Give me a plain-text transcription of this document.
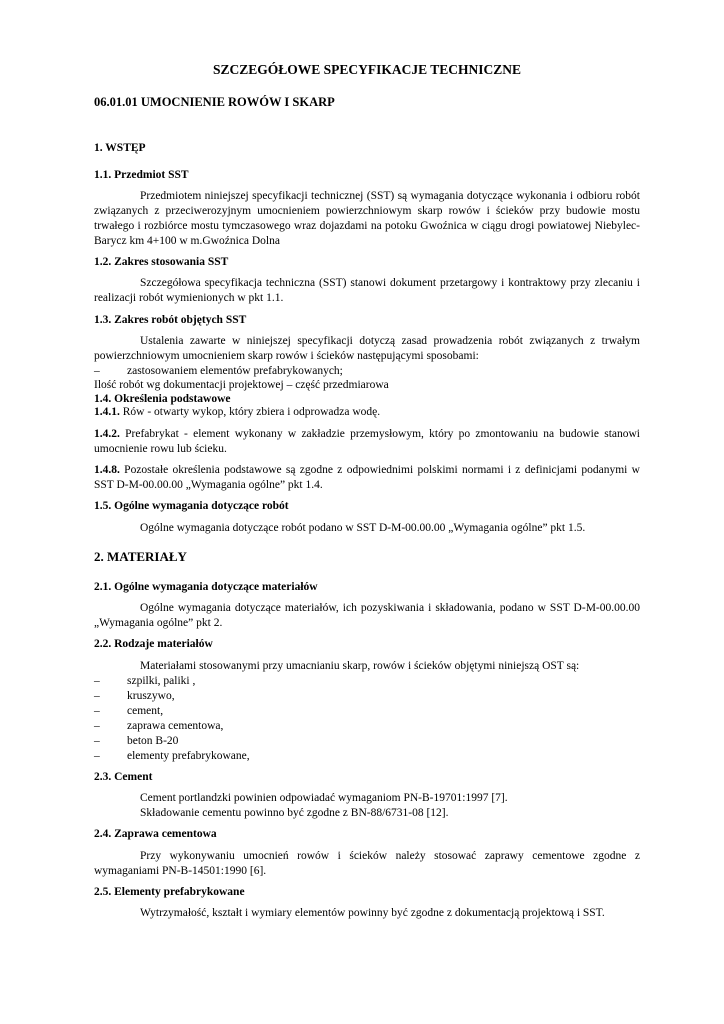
SZCZEGÓŁOWE SPECYFIKACJE TECHNICZNE
06.01.01 UMOCNIENIE ROWÓW I SKARP
1. WSTĘP
1.1. Przedmiot SST
Przedmiotem niniejszej specyfikacji technicznej (SST) są wymagania dotyczące wykonania i odbioru robót związanych z przeciwerozyjnym umocnieniem powierzchniowym skarp rowów i ścieków przy budowie mostu trwałego i rozbiórce mostu tymczasowego wraz dojazdami na potoku Gwoźnica w ciągu drogi powiatowej Niebylec-Barycz km 4+100 w m.Gwoźnica Dolna
1.2. Zakres stosowania SST
Szczegółowa specyfikacja techniczna (SST) stanowi dokument przetargowy i kontraktowy przy zlecaniu i realizacji robót wymienionych w pkt 1.1.
1.3. Zakres robót objętych SST
Ustalenia zawarte w niniejszej specyfikacji dotyczą zasad prowadzenia robót związanych z trwałym powierzchniowym umocnieniem skarp rowów i ścieków następującymi sposobami:
– zastosowaniem elementów prefabrykowanych;
Ilość robót wg dokumentacji projektowej – część przedmiarowa
1.4. Określenia podstawowe
1.4.1. Rów - otwarty wykop, który zbiera i odprowadza wodę.
1.4.2. Prefabrykat - element wykonany w zakładzie przemysłowym, który po zmontowaniu na budowie stanowi umocnienie rowu lub ścieku.
1.4.8. Pozostałe określenia podstawowe są zgodne z odpowiednimi polskimi normami i z definicjami podanymi w SST D-M-00.00.00 „Wymagania ogólne” pkt 1.4.
1.5. Ogólne wymagania dotyczące robót
Ogólne wymagania dotyczące robót podano w SST D-M-00.00.00 „Wymagania ogólne” pkt 1.5.
2. MATERIAŁY
2.1. Ogólne wymagania dotyczące materiałów
Ogólne wymagania dotyczące materiałów, ich pozyskiwania i składowania, podano w SST D-M-00.00.00 „Wymagania ogólne” pkt 2.
2.2. Rodzaje materiałów
Materiałami stosowanymi przy umacnianiu skarp, rowów i ścieków objętymi niniejszą OST są:
– szpilki, paliki ,
– kruszywo,
– cement,
– zaprawa cementowa,
– beton B-20
– elementy prefabrykowane,
2.3. Cement
Cement portlandzki powinien odpowiadać wymaganiom PN-B-19701:1997 [7].
Składowanie cementu powinno być zgodne z BN-88/6731-08 [12].
2.4. Zaprawa cementowa
Przy wykonywaniu umocnień rowów i ścieków należy stosować zaprawy cementowe zgodne z wymaganiami PN-B-14501:1990 [6].
2.5. Elementy prefabrykowane
Wytrzymałość, kształt i wymiary elementów powinny być zgodne z dokumentacją projektową i SST.
